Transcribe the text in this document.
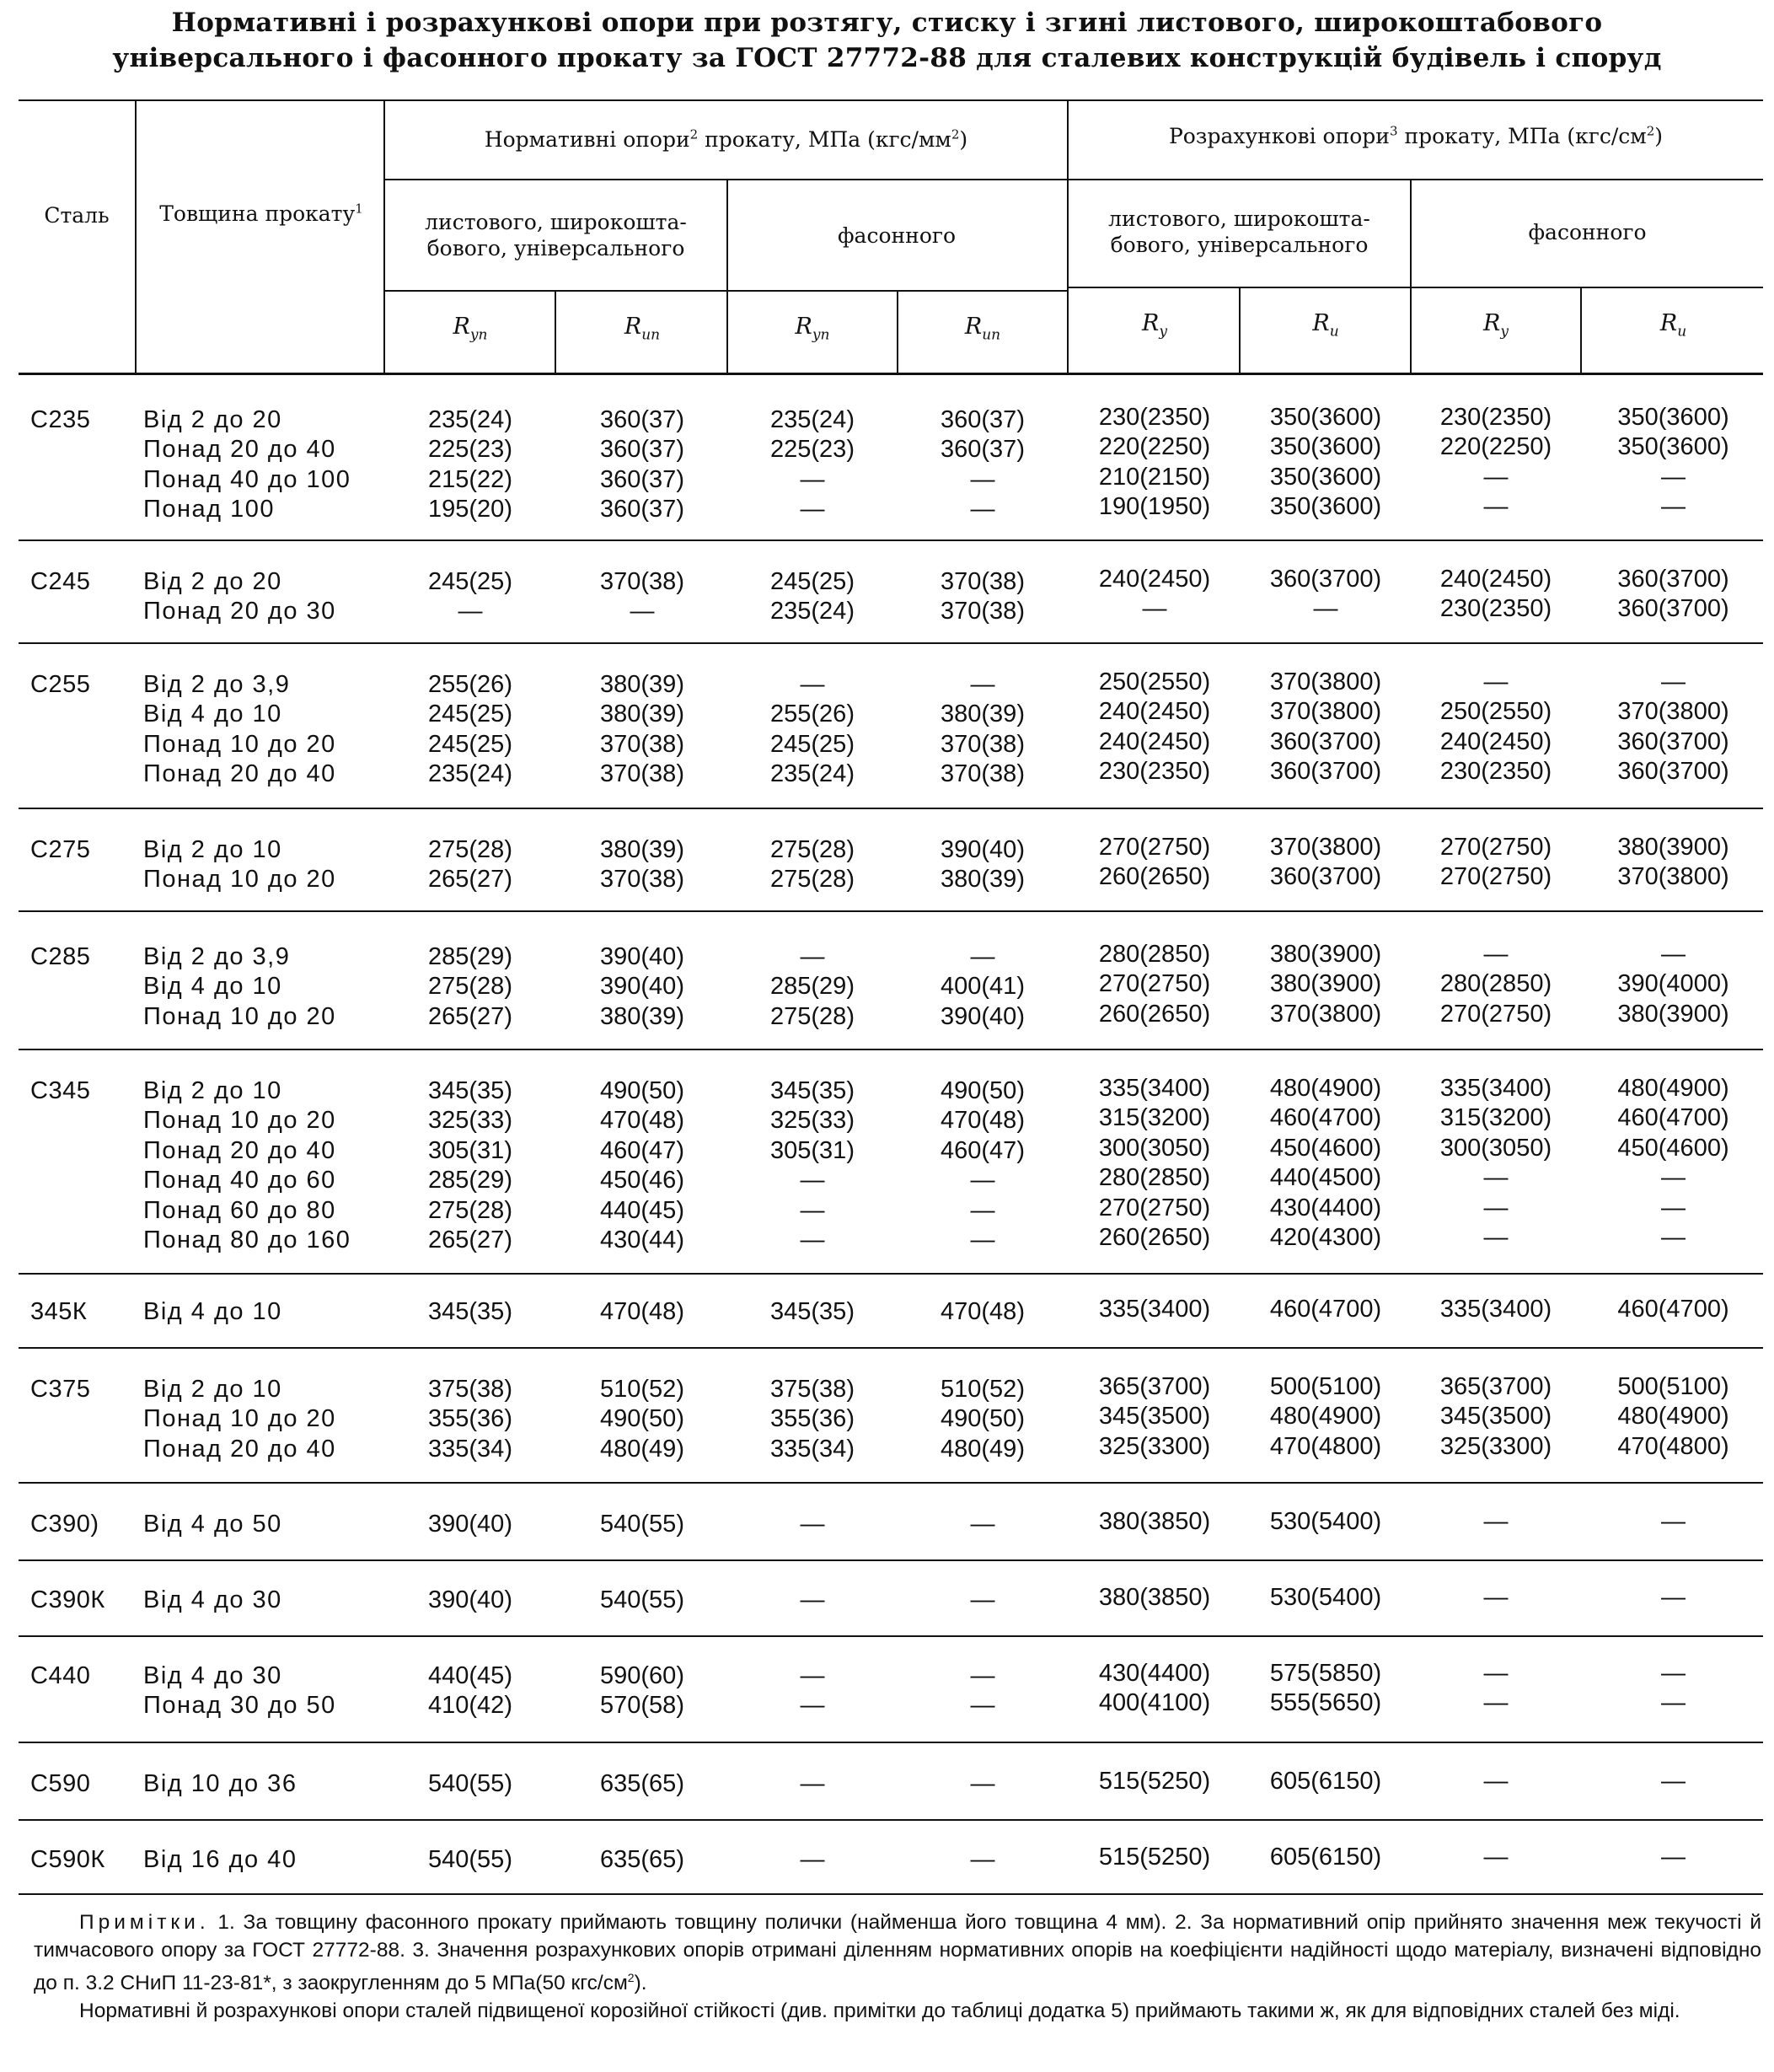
Нормативні і розрахункові опори при розтягу, стиску і згині листового, широкоштабового
універсального і фасонного прокату за ГОСТ 27772-88 для сталевих конструкцій будівель і споруд
Сталь	Товщина прокату$^1$
Нормативні опори$^2$ прокату, МПа $(кгс/мм^2)$	Розрахункові опори$^3$ прокату, МПа $(кгс/см^2)$
листового, широкошта-
бового, універсального
фасонного
листового, широкошта-
бового, універсального
фасонного
$R_{yn}$	$R_{un}$	$R_{yn}$	$R_{un}$	$R_y$	$R_u$	$R_y$	$R_u$
С235 Від 2 до 20	235(24)	360(37)	235(24)	360(37)	230(2350)	350(3600)	230(2350)	350(3600)
Понад 20 до 40	225(23)	360(37)	225(23)	360(37)	220(2250)	350(3600)	220(2250)	350(3600)
Понад 40 до 100	215(22)	360(37)	—	—	210(2150)	350(3600)	—	—
Понад 100	195(20)	360(37)	—	—	190(1950)	350(3600)	—	—
С245 Від 2 до 20	245(25)	370(38)	245(25)	370(38)	240(2450)	360(3700)	240(2450)	360(3700)
Понад 20 до 30	—	—	235(24)	370(38)	—	—	230(2350)	360(3700)
С255 Від 2 до 3,9	255(26)	380(39)	—	—	250(2550)	370(3800)	—	—
Від 4 до 10	245(25)	380(39)	255(26)	380(39)	240(2450)	370(3800)	250(2550)	370(3800)
Понад 10 до 20	245(25)	370(38)	245(25)	370(38)	240(2450)	360(3700)	240(2450)	360(3700)
Понад 20 до 40	235(24)	370(38)	235(24)	370(38)	230(2350)	360(3700)	230(2350)	360(3700)
С275 Від 2 до 10	275(28)	380(39)	275(28)	390(40)	270(2750)	370(3800)	270(2750)	380(3900)
Понад 10 до 20	265(27)	370(38)	275(28)	380(39)	260(2650)	360(3700)	270(2750)	370(3800)
С285 Від 2 до 3,9	285(29)	390(40)	—	—	280(2850)	380(3900)	—	—
Від 4 до 10	275(28)	390(40)	285(29)	400(41)	270(2750)	380(3900)	280(2850)	390(4000)
Понад 10 до 20	265(27)	380(39)	275(28)	390(40)	260(2650)	370(3800)	270(2750)	380(3900)
С345 Від 2 до 10	345(35)	490(50)	345(35)	490(50)	335(3400)	480(4900)	335(3400)	480(4900)
Понад 10 до 20	325(33)	470(48)	325(33)	470(48)	315(3200)	460(4700)	315(3200)	460(4700)
Понад 20 до 40	305(31)	460(47)	305(31)	460(47)	300(3050)	450(4600)	300(3050)	450(4600)
Понад 40 до 60	285(29)	450(46)	—	—	280(2850)	440(4500)	—	—
Понад 60 до 80	275(28)	440(45)	—	—	270(2750)	430(4400)	—	—
Понад 80 до 160	265(27)	430(44)	—	—	260(2650)	420(4300)	—	—
345К Від 4 до 10	345(35)	470(48)	345(35)	470(48)	335(3400)	460(4700)	335(3400)	460(4700)
С375 Від 2 до 10	375(38)	510(52)	375(38)	510(52)	365(3700)	500(5100)	365(3700)	500(5100)
Понад 10 до 20	355(36)	490(50)	355(36)	490(50)	345(3500)	480(4900)	345(3500)	480(4900)
Понад 20 до 40	335(34)	480(49)	335(34)	480(49)	325(3300)	470(4800)	325(3300)	470(4800)
С390) Від 4 до 50	390(40)	540(55)	—	—	380(3850)	530(5400)	—	—
С390К Від 4 до 30	390(40)	540(55)	—	—	380(3850)	530(5400)	—	—
С440 Від 4 до 30	440(45)	590(60)	—	—	430(4400)	575(5850)	—	—
Понад 30 до 50	410(42)	570(58)	—	—	400(4100)	555(5650)	—	—
С590 Від 10 до 36	540(55)	635(65)	—	—	515(5250)	605(6150)	—	—
С590К Від 16 до 40	540(55)	635(65)	—	—	515(5250)	605(6150)	—	—

Примітки. 1. За товщину фасонного прокату приймають товщину полички (найменша його товщина 4 мм). 2. За нормативний опір прийнято значення меж текучості й тимчасового опору за ГОСТ 27772-88. 3. Значення розрахункових опорів отримані діленням нормативних опорів на коефіцієнти надійності щодо матеріалу, визначені відповідно до п. 3.2 СНиП 11-23-81*, з заокругленням до 5 МПа(50 кгс/$см^2$).

Нормативні й розрахункові опори сталей підвищеної корозійної стійкості (див. примітки до таблиці додатка 5) приймають такими ж, як для відповідних сталей без міді.
